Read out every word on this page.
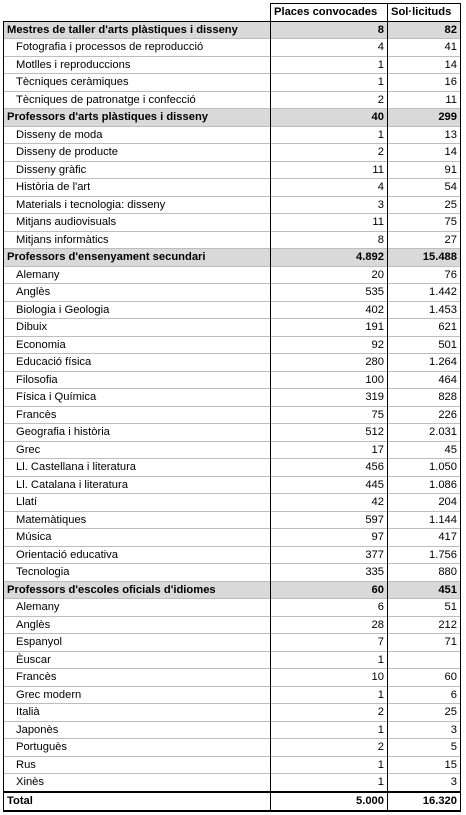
	Places convocades	Sol·licituds
Mestres de taller d'arts plàstiques i disseny	8	82
Fotografia i processos de reproducció	4	41
Motlles i reproduccions	1	14
Tècniques ceràmiques	1	16
Tècniques de patronatge i confecció	2	11
Professors d'arts plàstiques i disseny	40	299
Disseny de moda	1	13
Disseny de producte	2	14
Disseny gràfic	11	91
Història de l'art	4	54
Materials i tecnologia: disseny	3	25
Mitjans audiovisuals	11	75
Mitjans informàtics	8	27
Professors d'ensenyament secundari	4.892	15.488
Alemany	20	76
Anglès	535	1.442
Biologia i Geologia	402	1.453
Dibuix	191	621
Economia	92	501
Educació física	280	1.264
Filosofia	100	464
Física i Química	319	828
Francès	75	226
Geografia i història	512	2.031
Grec	17	45
Ll. Castellana i literatura	456	1.050
Ll. Catalana i literatura	445	1.086
Llatí	42	204
Matemàtiques	597	1.144
Música	97	417
Orientació educativa	377	1.756
Tecnologia	335	880
Professors d'escoles oficials d'idiomes	60	451
Alemany	6	51
Anglès	28	212
Espanyol	7	71
Èuscar	1	
Francès	10	60
Grec modern	1	6
Italià	2	25
Japonès	1	3
Portuguès	2	5
Rus	1	15
Xinès	1	3
Total	5.000	16.320
